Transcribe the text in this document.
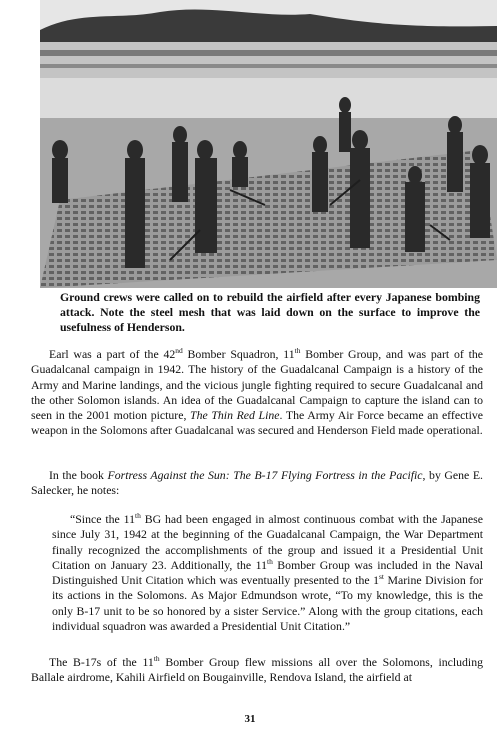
Ground crews were called on to rebuild the airfield after every Japanese bombing attack. Note the steel mesh that was laid down on the surface to improve the usefulness of Henderson.

Earl was a part of the 42nd Bomber Squadron, 11th Bomber Group, and was part of the Guadalcanal campaign in 1942. The history of the Guadalcanal Campaign is a history of the Army and Marine landings, and the vicious jungle fighting required to secure Guadalcanal and the other Solomon islands. An idea of the Guadalcanal Campaign to capture the island can to seen in the 2001 motion picture, The Thin Red Line. The Army Air Force became an effective weapon in the Solomons after Guadalcanal was secured and Henderson Field made operational.

In the book Fortress Against the Sun: The B-17 Flying Fortress in the Pacific, by Gene E. Salecker, he notes:

“Since the 11th BG had been engaged in almost continuous combat with the Japanese since July 31, 1942 at the beginning of the Guadalcanal Campaign, the War Department finally recognized the accomplishments of the group and issued it a Presidential Unit Citation on January 23. Additionally, the 11th Bomber Group was included in the Naval Distinguished Unit Citation which was eventually presented to the 1st Marine Division for its actions in the Solomons. As Major Edmundson wrote, “To my knowledge, this is the only B-17 unit to be so honored by a sister Service.” Along with the group citations, each individual squadron was awarded a Presidential Unit Citation.”

The B-17s of the 11th Bomber Group flew missions all over the Solomons, including Ballale airdrome, Kahili Airfield on Bougainville, Rendova Island, the airfield at

31
